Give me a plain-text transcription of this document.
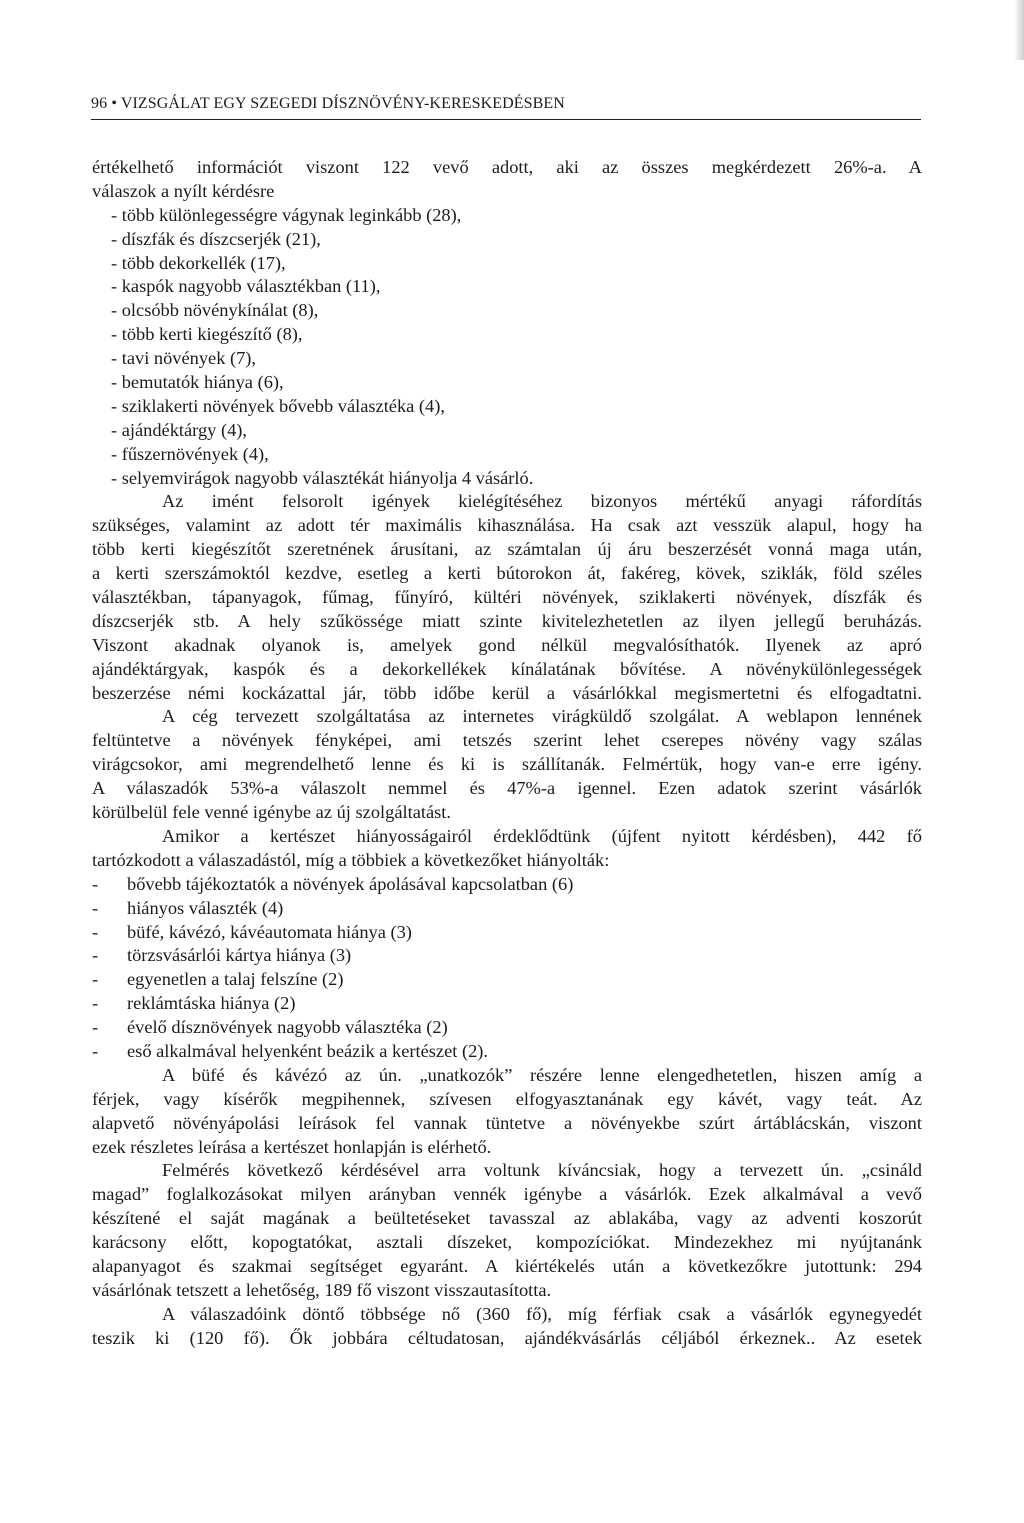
96 • VIZSGÁLAT EGY SZEGEDI DÍSZNÖVÉNY-KERESKEDÉSBEN
értékelhető információt viszont 122 vevő adott, aki az összes megkérdezett 26%-a. A
válaszok a nyílt kérdésre
- több különlegességre vágynak leginkább (28),
- díszfák és díszcserjék (21),
- több dekorkellék (17),
- kaspók nagyobb választékban (11),
- olcsóbb növénykínálat (8),
- több kerti kiegészítő (8),
- tavi növények (7),
- bemutatók hiánya (6),
- sziklakerti növények bővebb választéka (4),
- ajándéktárgy (4),
- fűszernövények (4),
- selyemvirágok nagyobb választékát hiányolja 4 vásárló.
Az imént felsorolt igények kielégítéséhez bizonyos mértékű anyagi ráfordítás
szükséges, valamint az adott tér maximális kihasználása. Ha csak azt vesszük alapul, hogy ha
több kerti kiegészítőt szeretnének árusítani, az számtalan új áru beszerzését vonná maga után,
a kerti szerszámoktól kezdve, esetleg a kerti bútorokon át, fakéreg, kövek, sziklák, föld széles
választékban, tápanyagok, fűmag, fűnyíró, kültéri növények, sziklakerti növények, díszfák és
díszcserjék stb. A hely szűkössége miatt szinte kivitelezhetetlen az ilyen jellegű beruházás.
Viszont akadnak olyanok is, amelyek gond nélkül megvalósíthatók. Ilyenek az apró
ajándéktárgyak, kaspók és a dekorkellékek kínálatának bővítése. A növénykülönlegességek
beszerzése némi kockázattal jár, több időbe kerül a vásárlókkal megismertetni és elfogadtatni.
A cég tervezett szolgáltatása az internetes virágküldő szolgálat. A weblapon lennének
feltüntetve a növények fényképei, ami tetszés szerint lehet cserepes növény vagy szálas
virágcsokor, ami megrendelhető lenne és ki is szállítanák. Felmértük, hogy van-e erre igény.
A válaszadók 53%-a válaszolt nemmel és 47%-a igennel. Ezen adatok szerint vásárlók
körülbelül fele venné igénybe az új szolgáltatást.
Amikor a kertészet hiányosságairól érdeklődtünk (újfent nyitott kérdésben), 442 fő
tartózkodott a válaszadástól, míg a többiek a következőket hiányolták:
- bővebb tájékoztatók a növények ápolásával kapcsolatban (6)
- hiányos választék (4)
- büfé, kávézó, kávéautomata hiánya (3)
- törzsvásárlói kártya hiánya (3)
- egyenetlen a talaj felszíne (2)
- reklámtáska hiánya (2)
- évelő dísznövények nagyobb választéka (2)
- eső alkalmával helyenként beázik a kertészet (2).
A büfé és kávézó az ún. „unatkozók” részére lenne elengedhetetlen, hiszen amíg a
férjek, vagy kísérők megpihennek, szívesen elfogyasztanának egy kávét, vagy teát. Az
alapvető növényápolási leírások fel vannak tüntetve a növényekbe szúrt ártáblácskán, viszont
ezek részletes leírása a kertészet honlapján is elérhető.
Felmérés következő kérdésével arra voltunk kíváncsiak, hogy a tervezett ún. „csináld
magad” foglalkozásokat milyen arányban vennék igénybe a vásárlók. Ezek alkalmával a vevő
készítené el saját magának a beültetéseket tavasszal az ablakába, vagy az adventi koszorút
karácsony előtt, kopogtatókat, asztali díszeket, kompozíciókat. Mindezekhez mi nyújtanánk
alapanyagot és szakmai segítséget egyaránt. A kiértékelés után a következőkre jutottunk: 294
vásárlónak tetszett a lehetőség, 189 fő viszont visszautasította.
A válaszadóink döntő többsége nő (360 fő), míg férfiak csak a vásárlók egynegyedét
teszik ki (120 fő). Ők jobbára céltudatosan, ajándékvásárlás céljából érkeznek.. Az esetek
